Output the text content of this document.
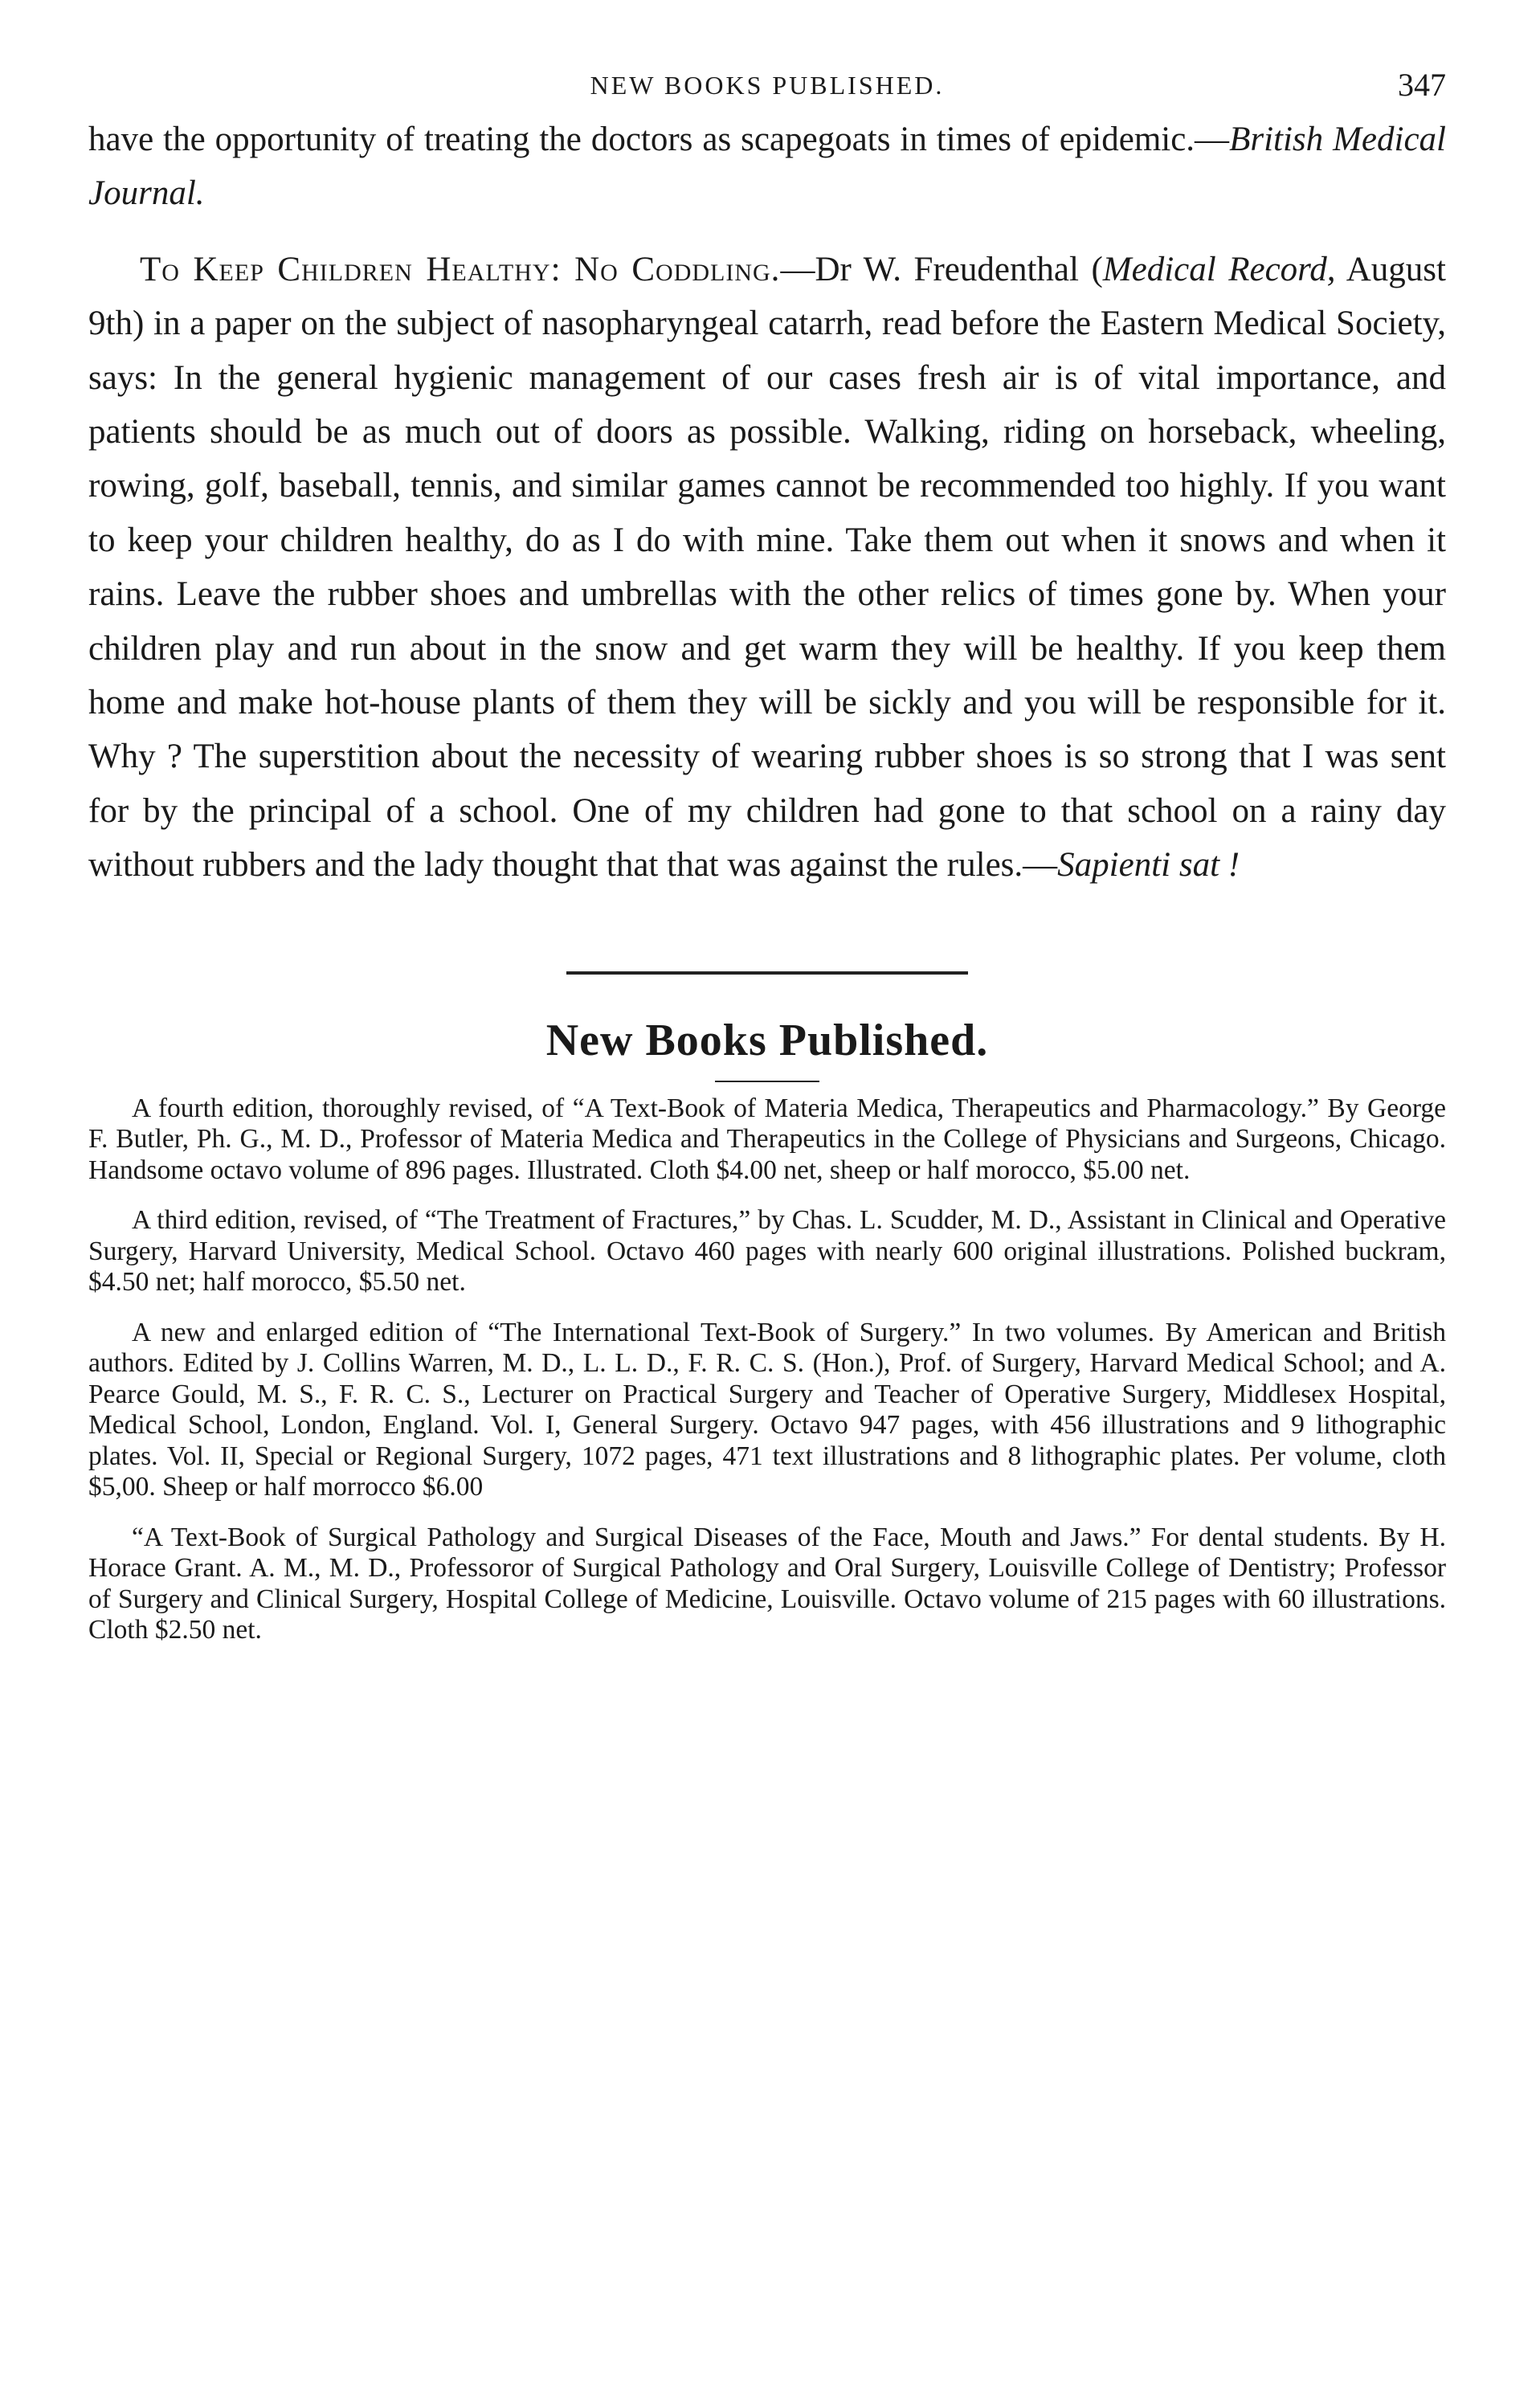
NEW BOOKS PUBLISHED.	347

have the opportunity of treating the doctors as scapegoats in times of epidemic.—British Medical Journal.

To Keep Children Healthy: No Coddling.—Dr W. Freudenthal (Medical Record, August 9th) in a paper on the subject of nasopharyngeal catarrh, read before the Eastern Medical Society, says: In the general hygienic management of our cases fresh air is of vital importance, and patients should be as much out of doors as possible. Walking, riding on horseback, wheeling, rowing, golf, baseball, tennis, and similar games cannot be recommended too highly. If you want to keep your children healthy, do as I do with mine. Take them out when it snows and when it rains. Leave the rubber shoes and umbrellas with the other relics of times gone by. When your children play and run about in the snow and get warm they will be healthy. If you keep them home and make hot-house plants of them they will be sickly and you will be responsible for it. Why ? The superstition about the necessity of wearing rubber shoes is so strong that I was sent for by the principal of a school. One of my children had gone to that school on a rainy day without rubbers and the lady thought that that was against the rules.—Sapienti sat !

New Books Published.

A fourth edition, thoroughly revised, of “A Text-Book of Materia Medica, Therapeutics and Pharmacology.” By George F. Butler, Ph. G., M. D., Professor of Materia Medica and Therapeutics in the College of Physicians and Surgeons, Chicago. Handsome octavo volume of 896 pages. Illustrated. Cloth $4.00 net, sheep or half morocco, $5.00 net.

A third edition, revised, of “The Treatment of Fractures,” by Chas. L. Scudder, M. D., Assistant in Clinical and Operative Surgery, Harvard University, Medical School. Octavo 460 pages with nearly 600 original illustrations. Polished buckram, $4.50 net; half morocco, $5.50 net.

A new and enlarged edition of “The International Text-Book of Surgery.” In two volumes. By American and British authors. Edited by J. Collins Warren, M. D., L. L. D., F. R. C. S. (Hon.), Prof. of Surgery, Harvard Medical School; and A. Pearce Gould, M. S., F. R. C. S., Lecturer on Practical Surgery and Teacher of Operative Surgery, Middlesex Hospital, Medical School, London, England. Vol. I, General Surgery. Octavo 947 pages, with 456 illustrations and 9 lithographic plates. Vol. II, Special or Regional Surgery, 1072 pages, 471 text illustrations and 8 lithographic plates. Per volume, cloth $5,00. Sheep or half morrocco $6.00

“A Text-Book of Surgical Pathology and Surgical Diseases of the Face, Mouth and Jaws.” For dental students. By H. Horace Grant. A. M., M. D., Professoror of Surgical Pathology and Oral Surgery, Louisville College of Dentistry; Professor of Surgery and Clinical Surgery, Hospital College of Medicine, Louisville. Octavo volume of 215 pages with 60 illustrations. Cloth $2.50 net.
